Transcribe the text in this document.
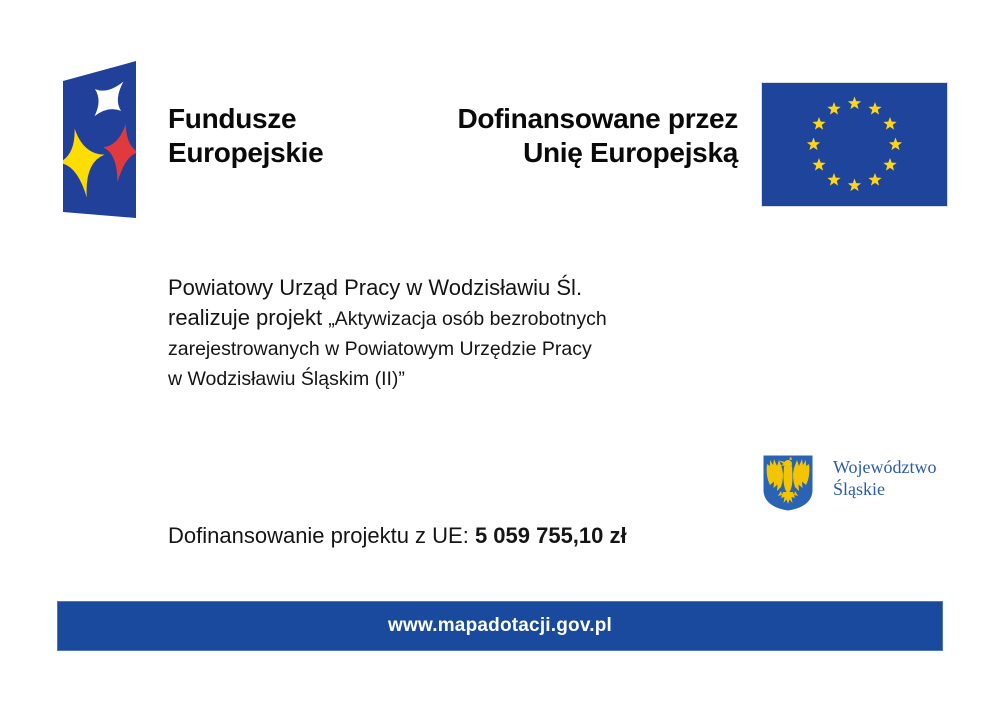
Fundusze
Europejskie
Dofinansowane przez
Unię Europejską
Powiatowy Urząd Pracy w Wodzisławiu Śl.
realizuje projekt „Aktywizacja osób bezrobotnych
zarejestrowanych w Powiatowym Urzędzie Pracy
w Wodzisławiu Śląskim (II)”
Województwo
Śląskie
Dofinansowanie projektu z UE: 5 059 755,10 zł
www.mapadotacji.gov.pl
